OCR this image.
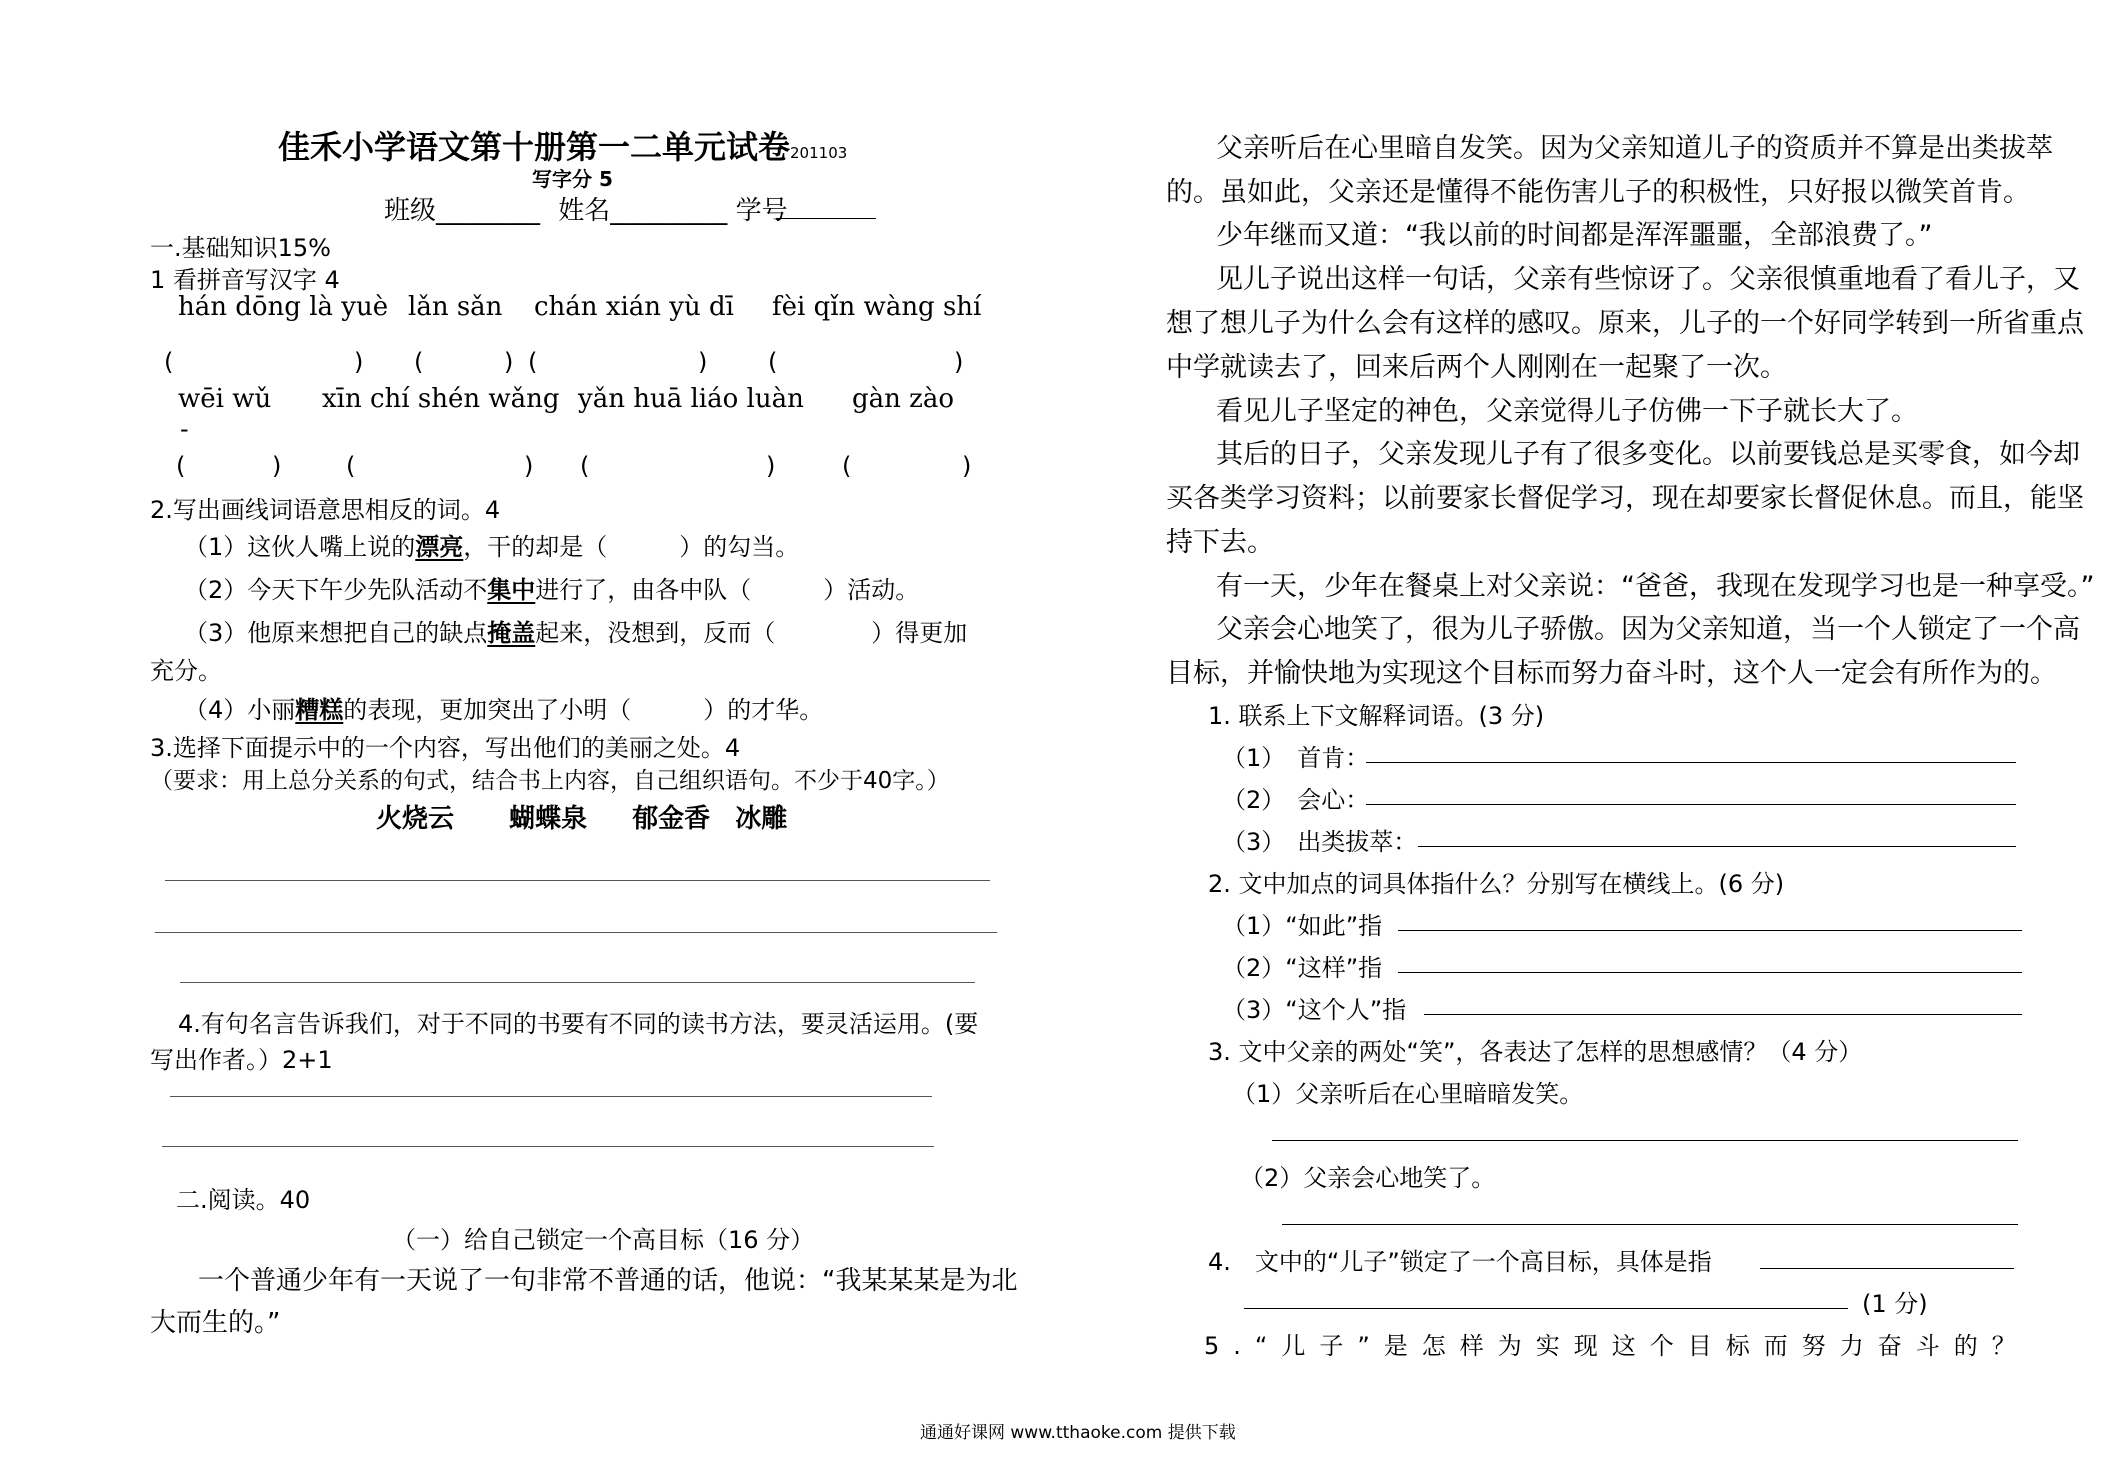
佳禾小学语文第十册第一二单元试卷201103
写字分 5
班级________ 姓名_________ 学号
一.基础知识15%
1 看拼音写汉字 4
hán dōng là yuè lǎn sǎn chán xián yù dī fèi qǐn wàng shí
(	) (	) (	)	(	)
wēi wǔ xīn chí shén wǎng yǎn huā liáo luàn gàn zào
-
(	)	(	) (	)	(	)
2.写出画线词语意思相反的词。4
（1）这伙人嘴上说的漂亮，干的却是（　　　）的勾当。
（2）今天下午少先队活动不集中进行了，由各中队（　　　）活动。
（3）他原来想把自己的缺点掩盖起来，没想到，反而（　　　　）得更加
充分。
（4）小丽糟糕的表现，更加突出了小明（　　　）的才华。
3.选择下面提示中的一个内容，写出他们的美丽之处。4
（要求：用上总分关系的句式，结合书上内容，自己组织语句。不少于40字。）
火烧云 蝴蝶泉 郁金香 冰雕
4.有句名言告诉我们，对于不同的书要有不同的读书方法，要灵活运用。(要
写出作者。）2+1
二.阅读。40
（一）给自己锁定一个高目标（16 分）
一个普通少年有一天说了一句非常不普通的话，他说：“我某某某是为北
大而生的。”
父亲听后在心里暗自发笑。因为父亲知道儿子的资质并不算是出类拔萃
的。虽如此，父亲还是懂得不能伤害儿子的积极性，只好报以微笑首肯。
少年继而又道：“我以前的时间都是浑浑噩噩，全部浪费了。”
见儿子说出这样一句话，父亲有些惊讶了。父亲很慎重地看了看儿子，又
想了想儿子为什么会有这样的感叹。原来，儿子的一个好同学转到一所省重点
中学就读去了，回来后两个人刚刚在一起聚了一次。
看见儿子坚定的神色，父亲觉得儿子仿佛一下子就长大了。
其后的日子，父亲发现儿子有了很多变化。以前要钱总是买零食，如今却
买各类学习资料；以前要家长督促学习，现在却要家长督促休息。而且，能坚
持下去。
有一天，少年在餐桌上对父亲说：“爸爸，我现在发现学习也是一种享受。”
父亲会心地笑了，很为儿子骄傲。因为父亲知道，当一个人锁定了一个高
目标，并愉快地为实现这个目标而努力奋斗时，这个人一定会有所作为的。
1. 联系上下文解释词语。(3 分)
（1）　首肯：
（2）　会心：
（3）　出类拔萃：
2. 文中加点的词具体指什么？分别写在横线上。(6 分)
（1）“如此”指
（2）“这样”指
（3）“这个人”指
3. 文中父亲的两处“笑”，各表达了怎样的思想感情？（4 分）
（1）父亲听后在心里暗暗发笑。
（2）父亲会心地笑了。
4.　文中的“儿子”锁定了一个高目标，具体是指
(1 分)
5.“儿子”是怎样为实现这个目标而努力奋斗的？
通通好课网 www.tthaoke.com 提供下载
